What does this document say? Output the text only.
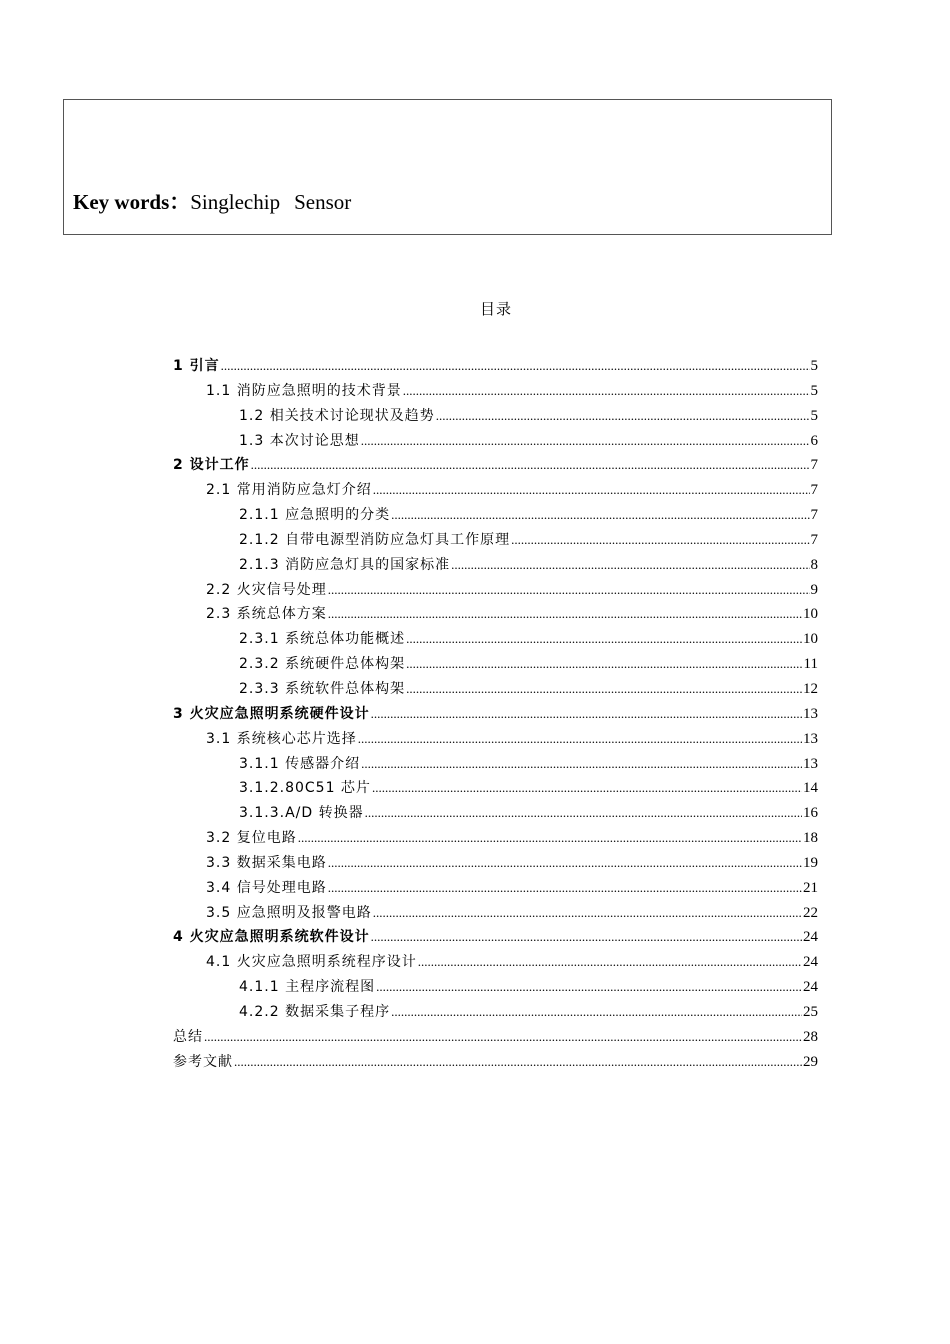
Key words：Singlechip Sensor
目录
1 引言 .....	5
1.1 消防应急照明的技术背景 .....	5
1.2 相关技术讨论现状及趋势 .....	5
1.3 本次讨论思想 .....	6
2 设计工作 .....	7
2.1 常用消防应急灯介绍 .....	7
2.1.1 应急照明的分类 .....	7
2.1.2 自带电源型消防应急灯具工作原理 .....	7
2.1.3 消防应急灯具的国家标准 .....	8
2.2 火灾信号处理 .....	9
2.3 系统总体方案 .....	10
2.3.1 系统总体功能概述 .....	10
2.3.2 系统硬件总体构架 .....	11
2.3.3 系统软件总体构架 .....	12
3 火灾应急照明系统硬件设计 .....	13
3.1 系统核心芯片选择 .....	13
3.1.1 传感器介绍 .....	13
3.1.2.80C51 芯片 .....	14
3.1.3.A/D 转换器 .....	16
3.2 复位电路 .....	18
3.3 数据采集电路 .....	19
3.4 信号处理电路 .....	21
3.5 应急照明及报警电路 .....	22
4 火灾应急照明系统软件设计 .....	24
4.1 火灾应急照明系统程序设计 .....	24
4.1.1 主程序流程图 .....	24
4.2.2 数据采集子程序 .....	25
总结 .....	28
参考文献 .....	29
